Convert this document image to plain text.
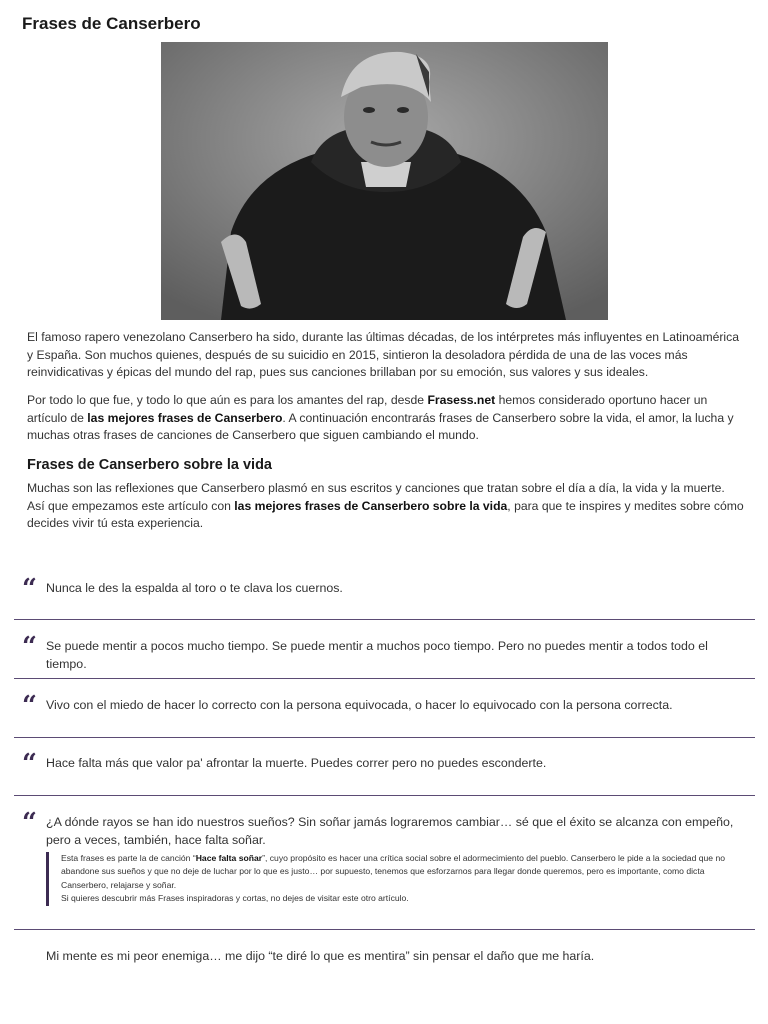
Frases de Canserbero

El famoso rapero venezolano Canserbero ha sido, durante las últimas décadas, de los intérpretes más influyentes en Latinoamérica y España. Son muchos quienes, después de su suicidio en 2015, sintieron la desoladora pérdida de una de las voces más reinvidicativas y épicas del mundo del rap, pues sus canciones brillaban por su emoción, sus valores y sus ideales.

Por todo lo que fue, y todo lo que aún es para los amantes del rap, desde Frasess.net hemos considerado oportuno hacer un artículo de las mejores frases de Canserbero. A continuación encontrarás frases de Canserbero sobre la vida, el amor, la lucha y muchas otras frases de canciones de Canserbero que siguen cambiando el mundo.

Frases de Canserbero sobre la vida

Muchas son las reflexiones que Canserbero plasmó en sus escritos y canciones que tratan sobre el día a día, la vida y la muerte. Así que empezamos este artículo con las mejores frases de Canserbero sobre la vida, para que te inspires y medites sobre cómo decides vivir tú esta experiencia.

“ Nunca le des la espalda al toro o te clava los cuernos.
“ Se puede mentir a pocos mucho tiempo. Se puede mentir a muchos poco tiempo. Pero no puedes mentir a todos todo el tiempo.
“ Vivo con el miedo de hacer lo correcto con la persona equivocada, o hacer lo equivocado con la persona correcta.
“ Hace falta más que valor pa' afrontar la muerte. Puedes correr pero no puedes esconderte.
“ ¿A dónde rayos se han ido nuestros sueños? Sin soñar jamás lograremos cambiar… sé que el éxito se alcanza con empeño, pero a veces, también, hace falta soñar.
Esta frases es parte la de canción “Hace falta soñar”, cuyo propósito es hacer una crítica social sobre el adormecimiento del pueblo. Canserbero le pide a la sociedad que no abandone sus sueños y que no deje de luchar por lo que es justo… por supuesto, tenemos que esforzarnos para llegar donde queremos, pero es importante, como dicta Canserbero, relajarse y soñar.
Si quieres descubrir más Frases inspiradoras y cortas, no dejes de visitar este otro artículo.
Mi mente es mi peor enemiga… me dijo “te diré lo que es mentira” sin pensar el daño que me haría.
